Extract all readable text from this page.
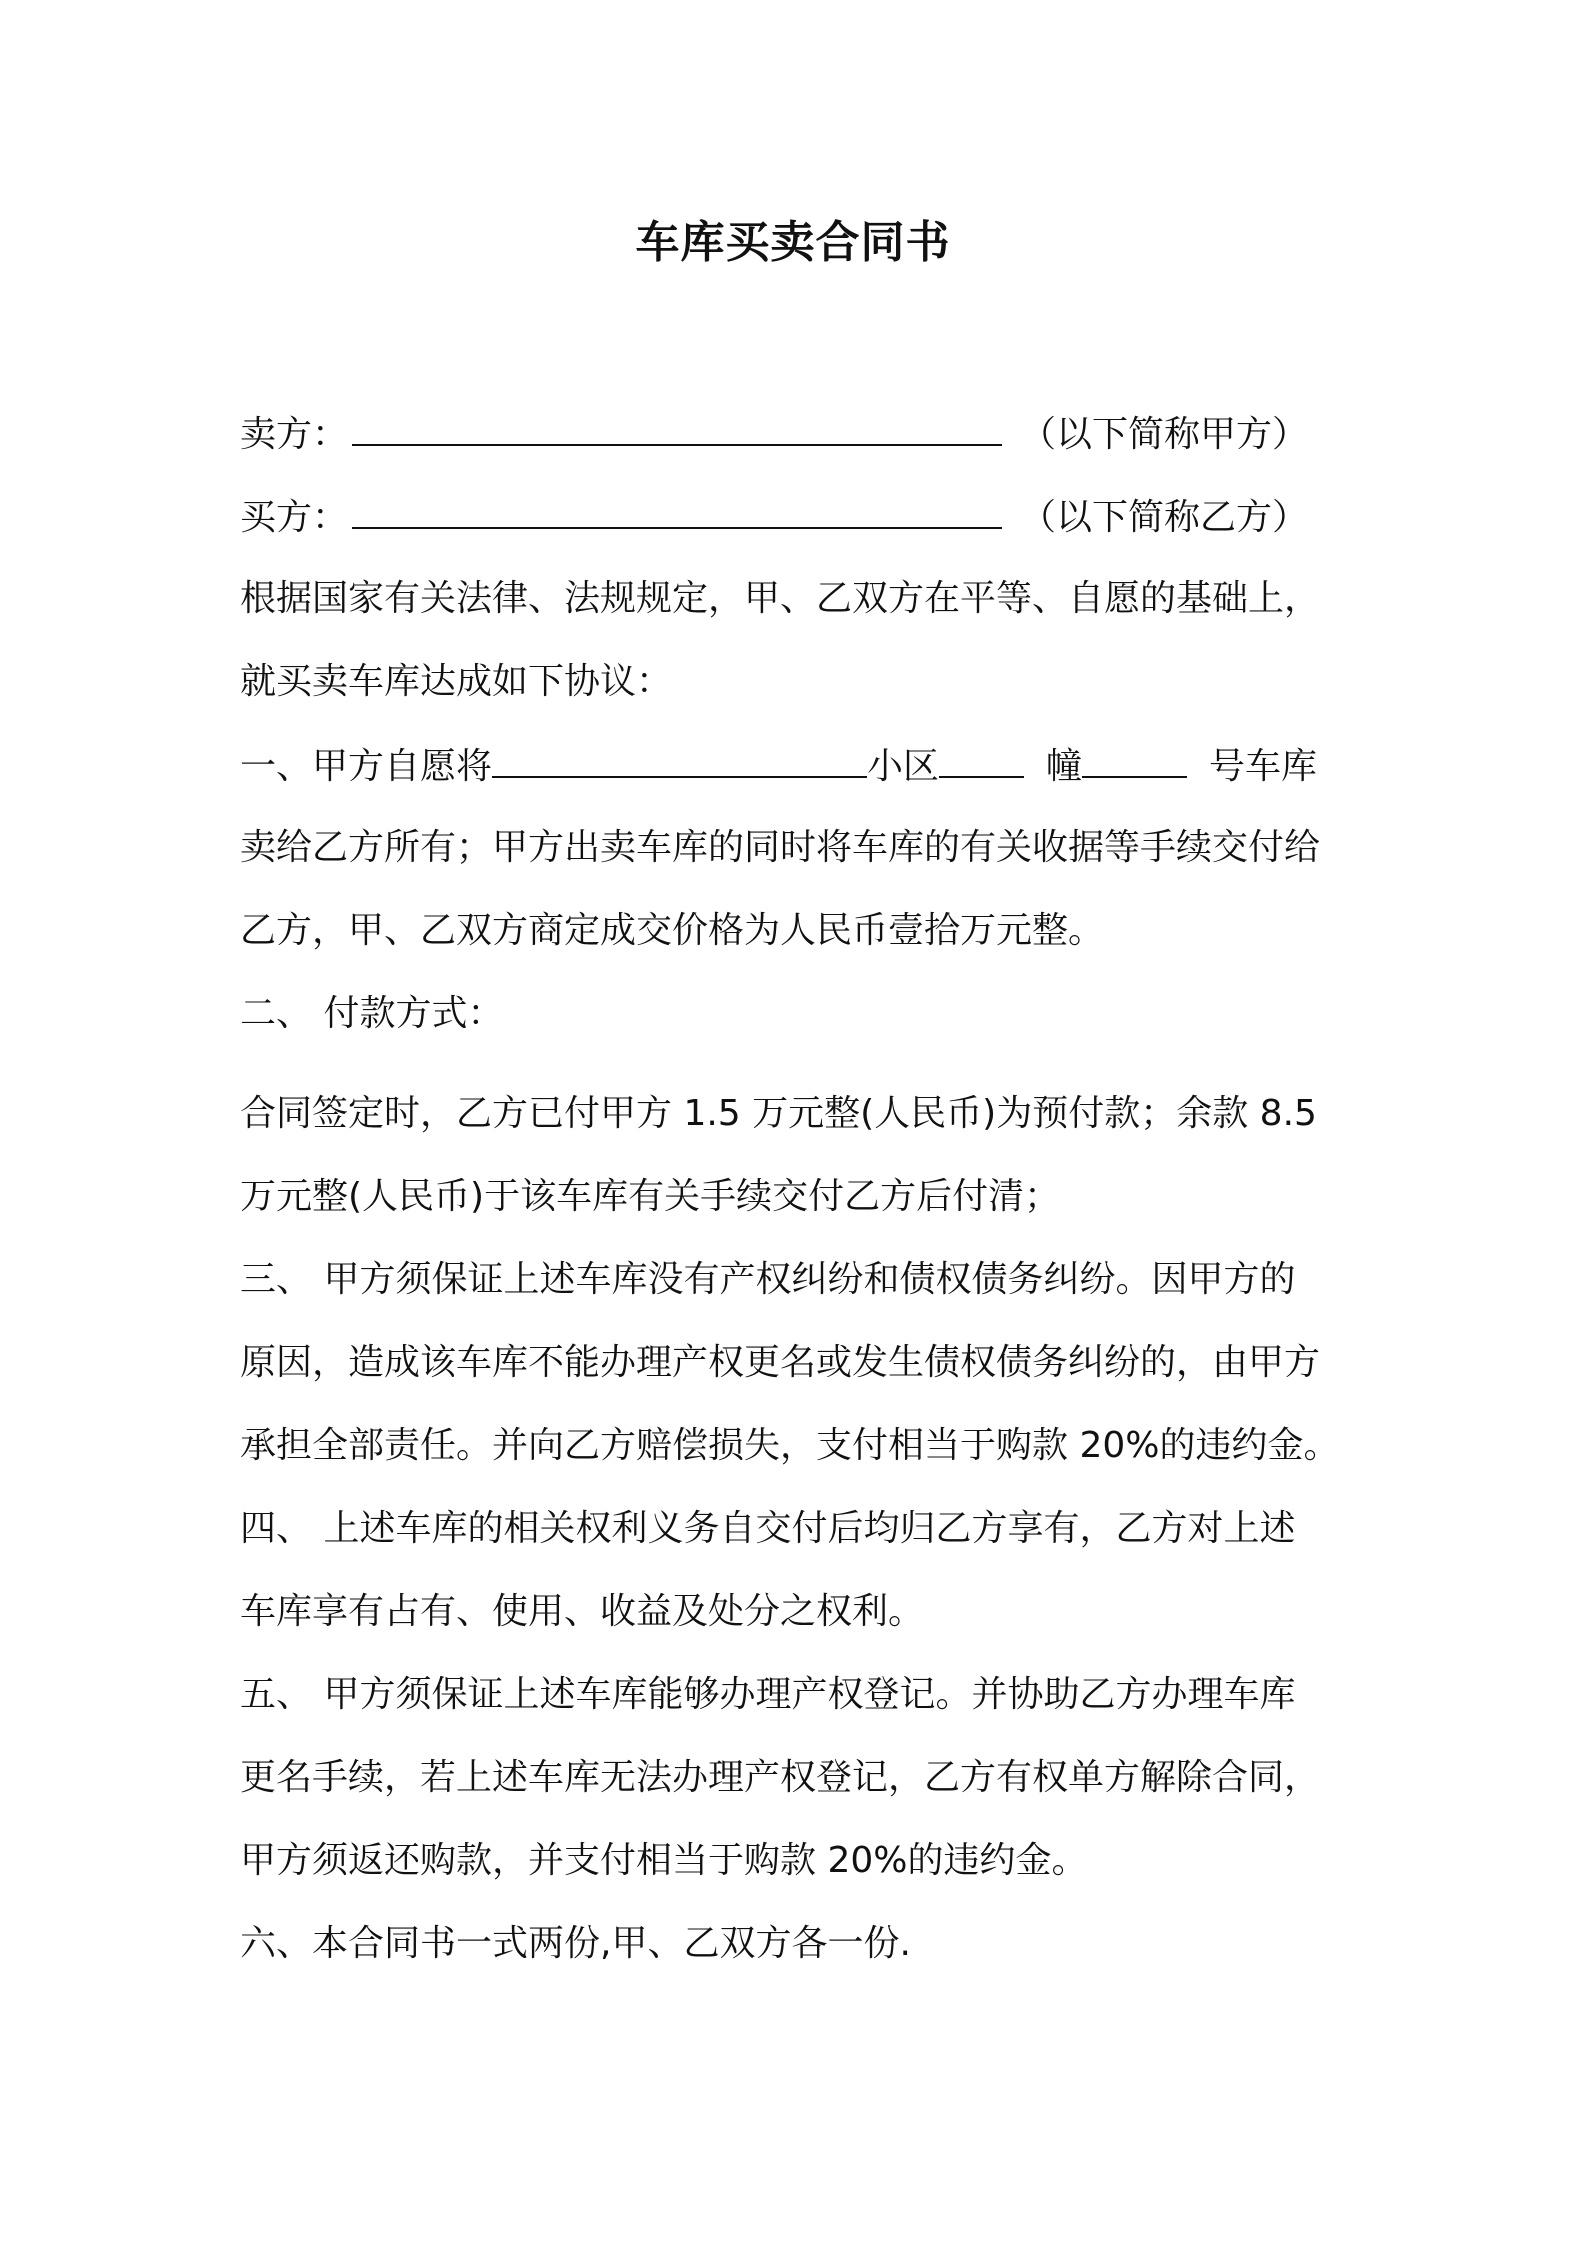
车库买卖合同书
卖方：	（以下简称甲方）
买方：	（以下简称乙方）
根据国家有关法律、法规规定，甲、乙双方在平等、自愿的基础上，
就买卖车库达成如下协议：
一、甲方自愿将	小区	幢	号车库
卖给乙方所有；甲方出卖车库的同时将车库的有关收据等手续交付给
乙方，甲、乙双方商定成交价格为人民币壹拾万元整。
二、 付款方式：
合同签定时，乙方已付甲方 1.5 万元整(人民币)为预付款；余款 8.5
万元整(人民币)于该车库有关手续交付乙方后付清；
三、 甲方须保证上述车库没有产权纠纷和债权债务纠纷。因甲方的
原因，造成该车库不能办理产权更名或发生债权债务纠纷的，由甲方
承担全部责任。并向乙方赔偿损失，支付相当于购款 20%的违约金。
四、 上述车库的相关权利义务自交付后均归乙方享有，乙方对上述
车库享有占有、使用、收益及处分之权利。
五、 甲方须保证上述车库能够办理产权登记。并协助乙方办理车库
更名手续，若上述车库无法办理产权登记，乙方有权单方解除合同，
甲方须返还购款，并支付相当于购款 20%的违约金。
六、本合同书一式两份,甲、乙双方各一份.
